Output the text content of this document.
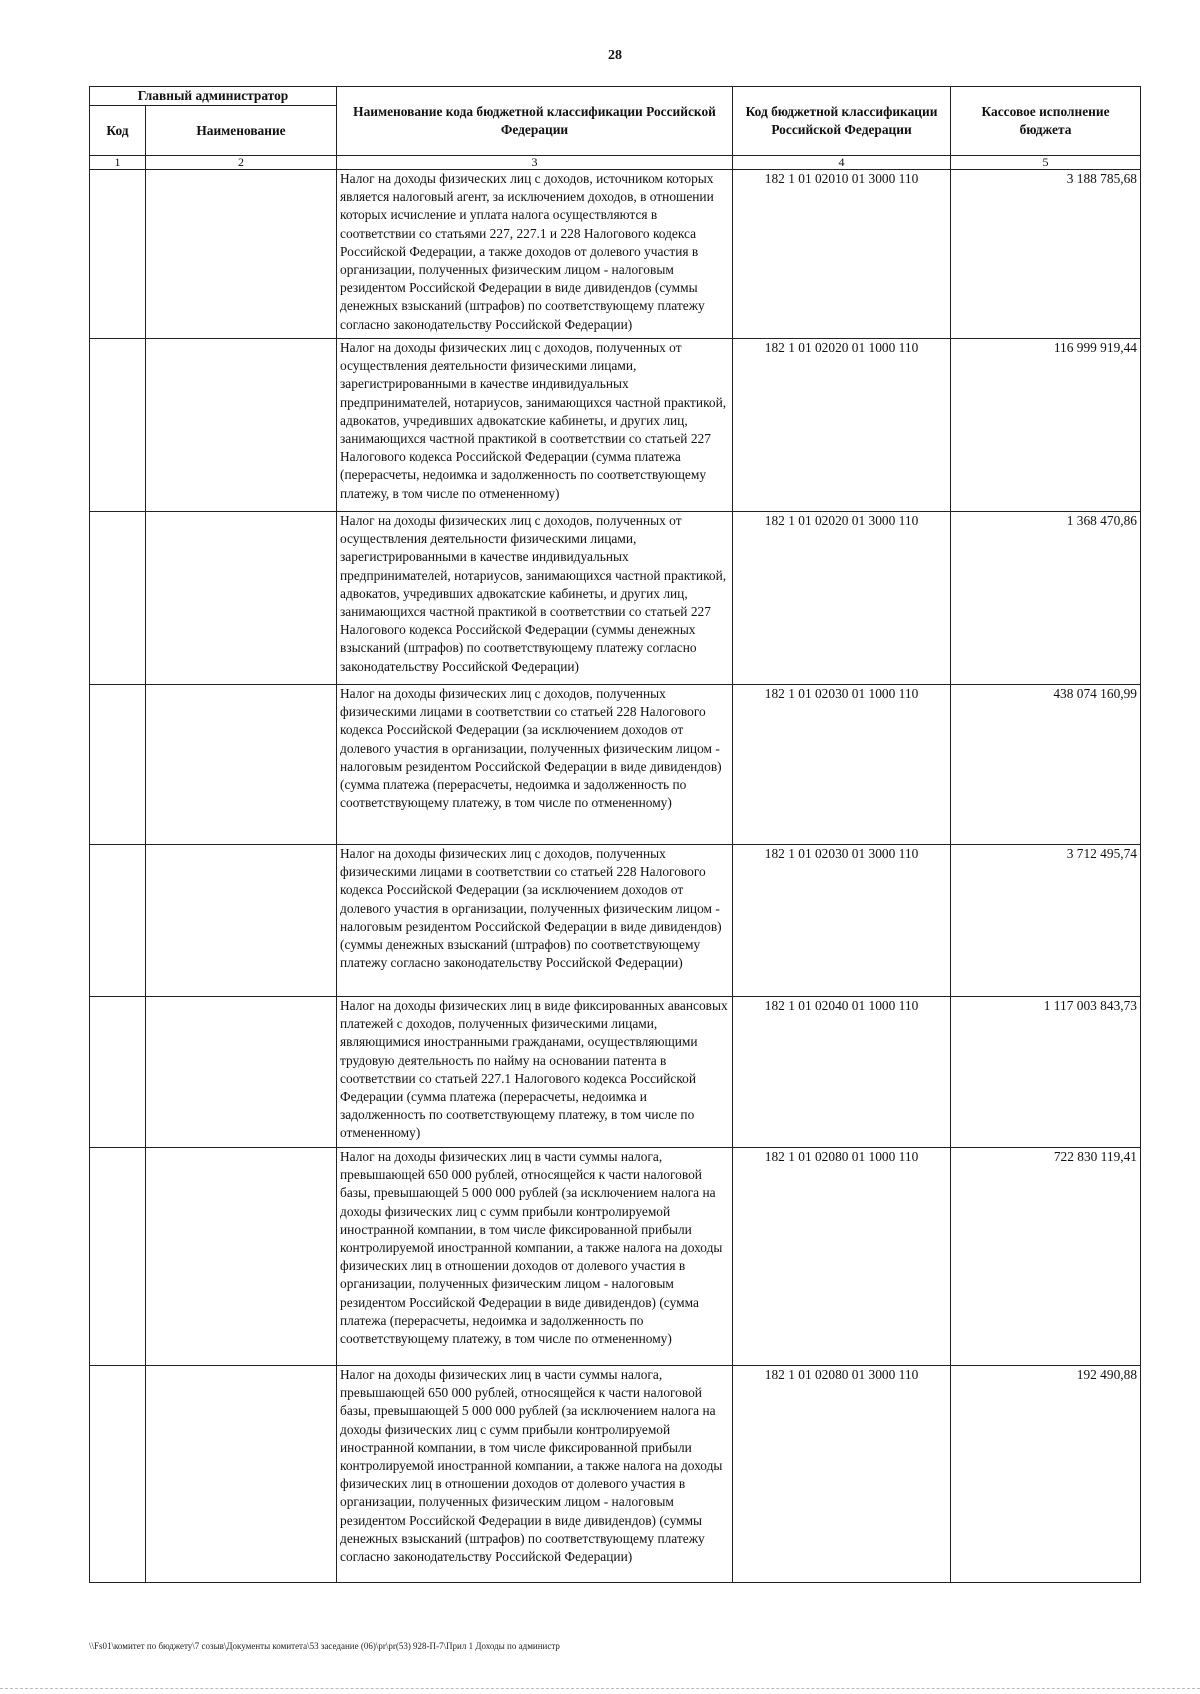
28
Главный администратор		Наименование кода бюджетной классификации Российской Федерации	Код бюджетной классификации Российской Федерации	Кассовое исполнение бюджета
Код	Наименование			
1	2	3	4	5
		Налог на доходы физических лиц с доходов, источником которых является налоговый агент, за исключением доходов, в отношении которых исчисление и уплата налога осуществляются в соответствии со статьями 227, 227.1 и 228 Налогового кодекса Российской Федерации, а также доходов от долевого участия в организации, полученных физическим лицом - налоговым резидентом Российской Федерации в виде дивидендов (суммы денежных взысканий (штрафов) по соответствующему платежу согласно законодательству Российской Федерации)	182 1 01 02010 01 3000 110	3 188 785,68
		Налог на доходы физических лиц с доходов, полученных от осуществления деятельности физическими лицами, зарегистрированными в качестве индивидуальных предпринимателей, нотариусов, занимающихся частной практикой, адвокатов, учредивших адвокатские кабинеты, и других лиц, занимающихся частной практикой в соответствии со статьей 227 Налогового кодекса Российской Федерации (сумма платежа (перерасчеты, недоимка и задолженность по соответствующему платежу, в том числе по отмененному)	182 1 01 02020 01 1000 110	116 999 919,44
		Налог на доходы физических лиц с доходов, полученных от осуществления деятельности физическими лицами, зарегистрированными в качестве индивидуальных предпринимателей, нотариусов, занимающихся частной практикой, адвокатов, учредивших адвокатские кабинеты, и других лиц, занимающихся частной практикой в соответствии со статьей 227 Налогового кодекса Российской Федерации (суммы денежных взысканий (штрафов) по соответствующему платежу согласно законодательству Российской Федерации)	182 1 01 02020 01 3000 110	1 368 470,86
		Налог на доходы физических лиц с доходов, полученных физическими лицами в соответствии со статьей 228 Налогового кодекса Российской Федерации (за исключением доходов от долевого участия в организации, полученных физическим лицом - налоговым резидентом Российской Федерации в виде дивидендов) (сумма платежа (перерасчеты, недоимка и задолженность по соответствующему платежу, в том числе по отмененному)	182 1 01 02030 01 1000 110	438 074 160,99
		Налог на доходы физических лиц с доходов, полученных физическими лицами в соответствии со статьей 228 Налогового кодекса Российской Федерации (за исключением доходов от долевого участия в организации, полученных физическим лицом - налоговым резидентом Российской Федерации в виде дивидендов) (суммы денежных взысканий (штрафов) по соответствующему платежу согласно законодательству Российской Федерации)	182 1 01 02030 01 3000 110	3 712 495,74
		Налог на доходы физических лиц в виде фиксированных авансовых платежей с доходов, полученных физическими лицами, являющимися иностранными гражданами, осуществляющими трудовую деятельность по найму на основании патента в соответствии со статьей 227.1 Налогового кодекса Российской Федерации (сумма платежа (перерасчеты, недоимка и задолженность по соответствующему платежу, в том числе по отмененному)	182 1 01 02040 01 1000 110	1 117 003 843,73
		Налог на доходы физических лиц в части суммы налога, превышающей 650 000 рублей, относящейся к части налоговой базы, превышающей 5 000 000 рублей (за исключением налога на доходы физических лиц с сумм прибыли контролируемой иностранной компании, в том числе фиксированной прибыли контролируемой иностранной компании, а также налога на доходы физических лиц в отношении доходов от долевого участия в организации, полученных физическим лицом - налоговым резидентом Российской Федерации в виде дивидендов) (сумма платежа (перерасчеты, недоимка и задолженность по соответствующему платежу, в том числе по отмененному)	182 1 01 02080 01 1000 110	722 830 119,41
		Налог на доходы физических лиц в части суммы налога, превышающей 650 000 рублей, относящейся к части налоговой базы, превышающей 5 000 000 рублей (за исключением налога на доходы физических лиц с сумм прибыли контролируемой иностранной компании, в том числе фиксированной прибыли контролируемой иностранной компании, а также налога на доходы физических лиц в отношении доходов от долевого участия в организации, полученных физическим лицом - налоговым резидентом Российской Федерации в виде дивидендов) (суммы денежных взысканий (штрафов) по соответствующему платежу согласно законодательству Российской Федерации)	182 1 01 02080 01 3000 110	192 490,88
\\Fs01\комитет по бюджету\7 созыв\Документы комитета\53 заседание (06)\pr\pr(53) 928-П-7\Прил 1 Доходы по администр
